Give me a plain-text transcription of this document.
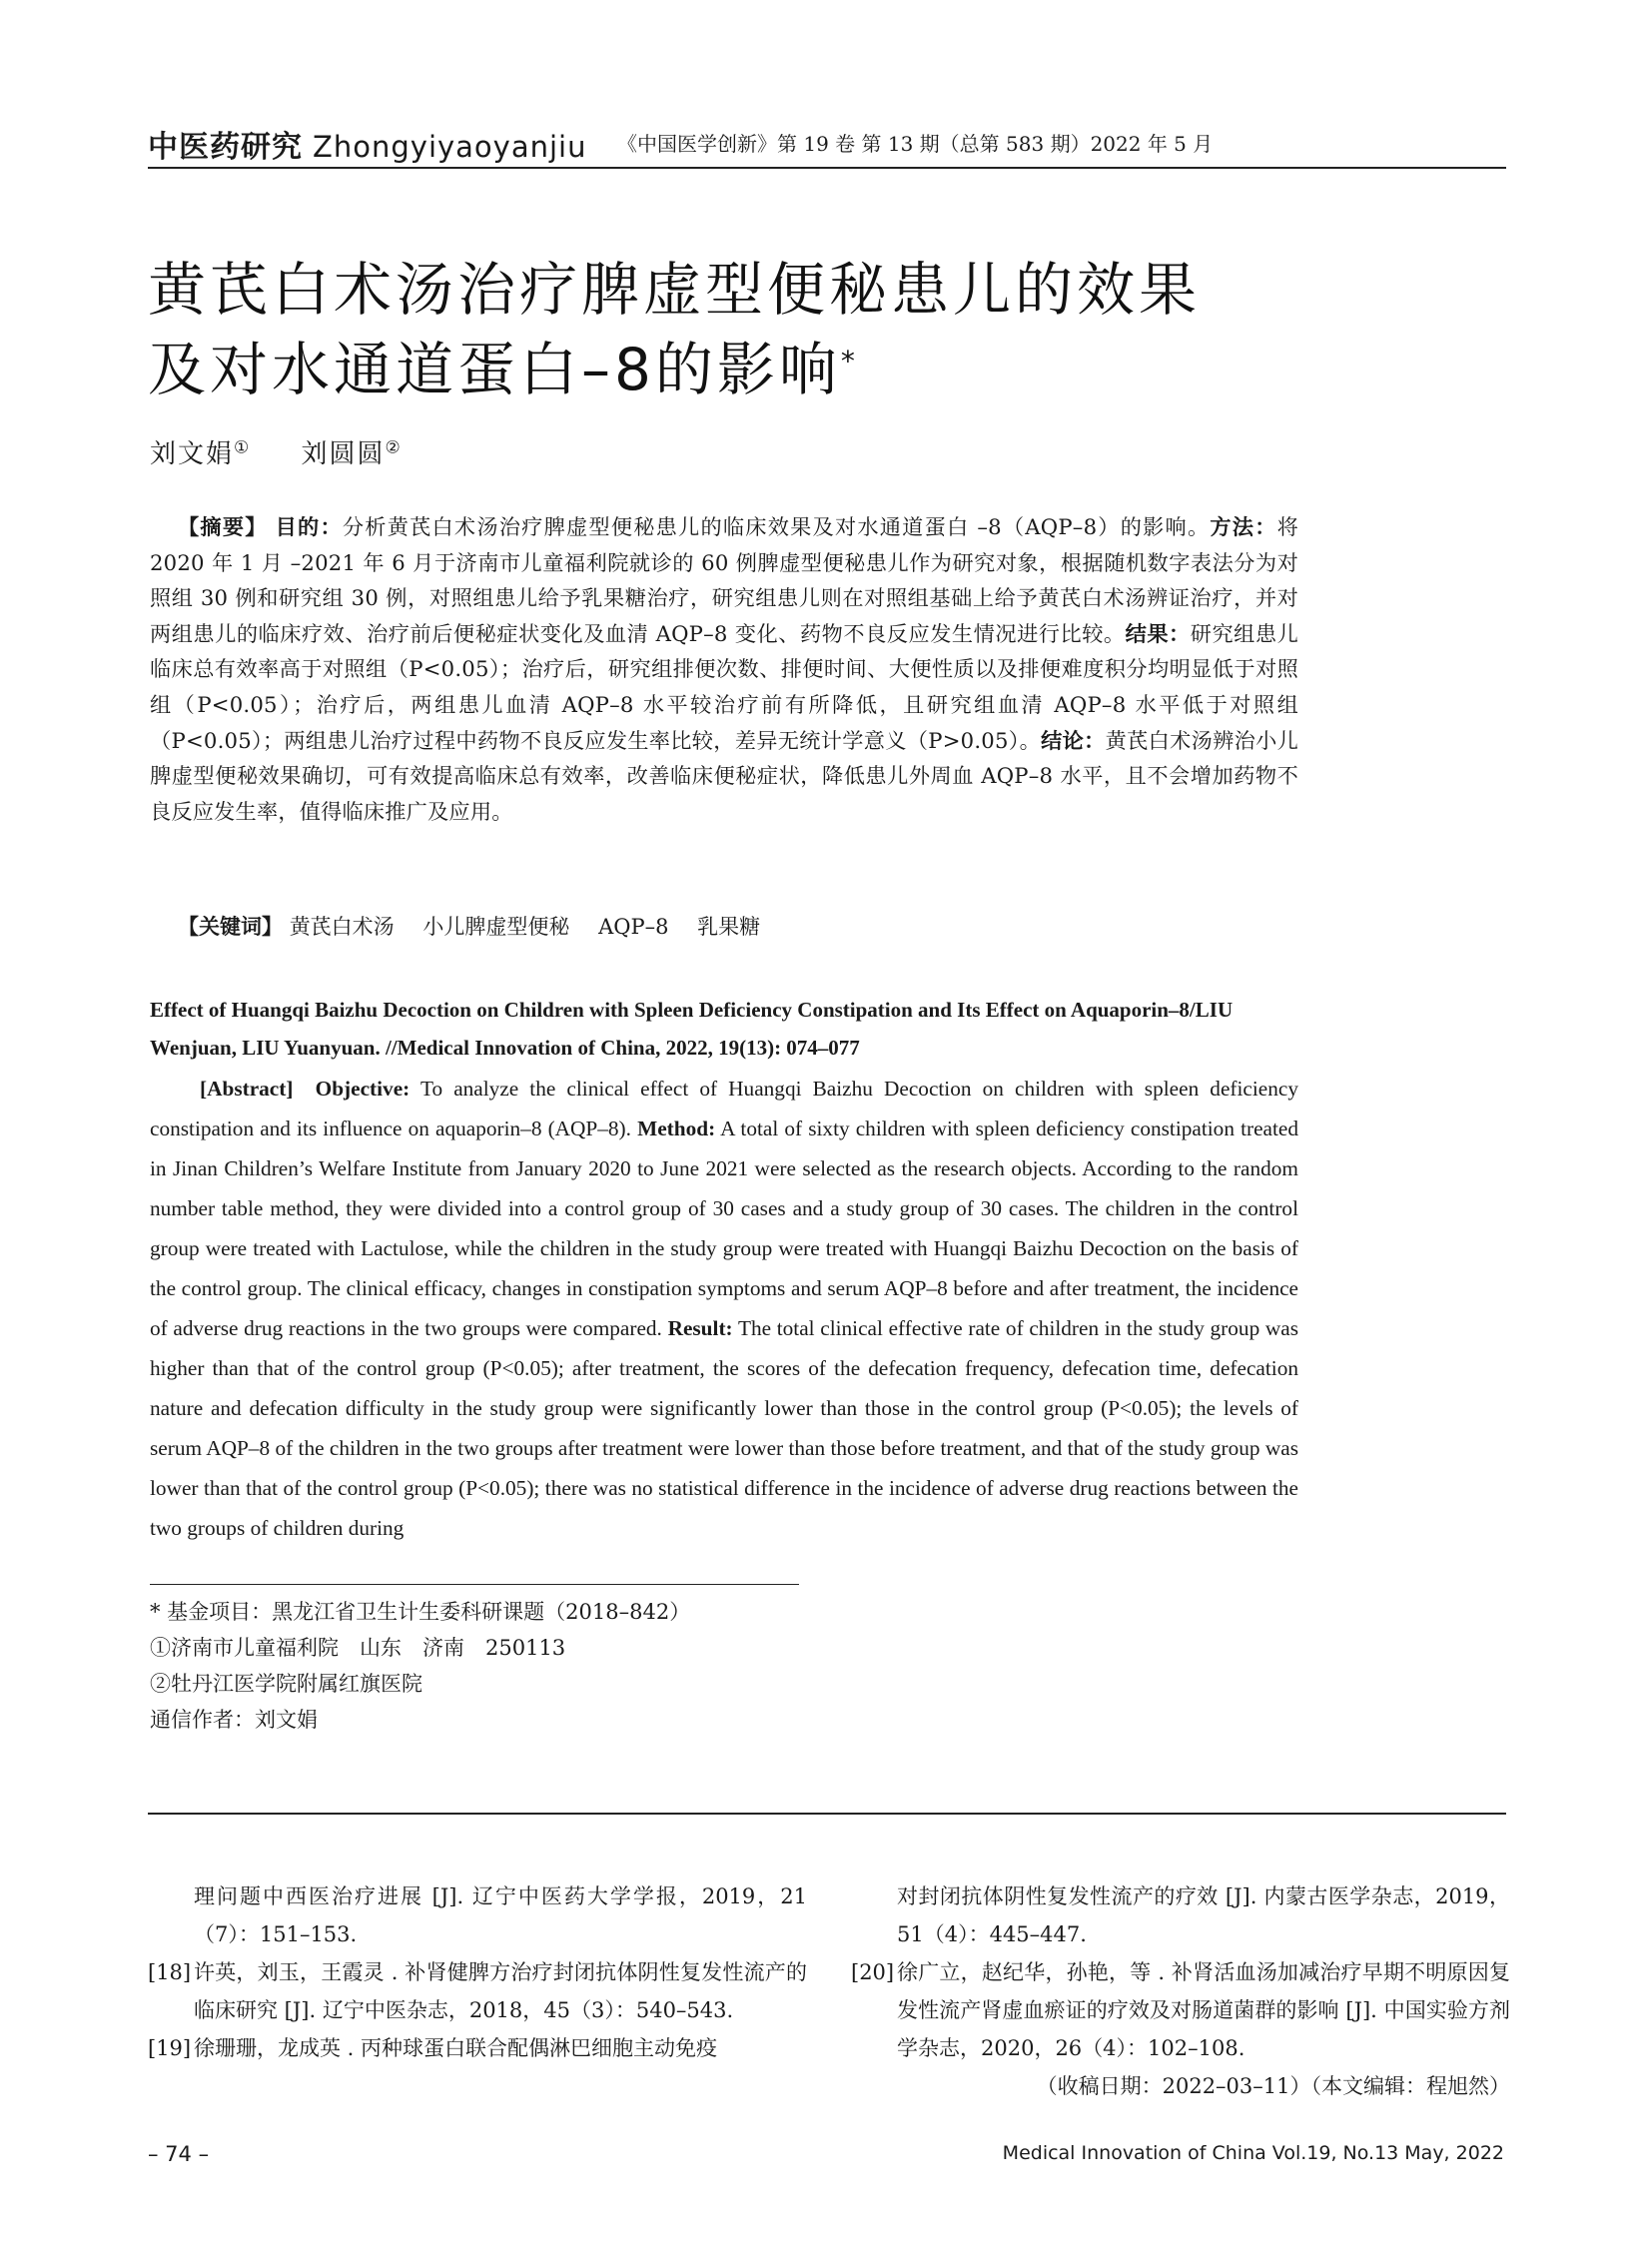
中医药研究 Zhongyiyaoyanjiu 《中国医学创新》第 19 卷 第 13 期（总第 583 期）2022 年 5 月
黄芪白术汤治疗脾虚型便秘患儿的效果
及对水通道蛋白–8的影响*
刘文娟① 刘圆圆②

【摘要】 目的：分析黄芪白术汤治疗脾虚型便秘患儿的临床效果及对水通道蛋白 –8（AQP–8）的影响。方法：将 2020 年 1 月 –2021 年 6 月于济南市儿童福利院就诊的 60 例脾虚型便秘患儿作为研究对象，根据随机数字表法分为对照组 30 例和研究组 30 例，对照组患儿给予乳果糖治疗，研究组患儿则在对照组基础上给予黄芪白术汤辨证治疗，并对两组患儿的临床疗效、治疗前后便秘症状变化及血清 AQP–8 变化、药物不良反应发生情况进行比较。结果：研究组患儿临床总有效率高于对照组（P<0.05）；治疗后，研究组排便次数、排便时间、大便性质以及排便难度积分均明显低于对照组（P<0.05）；治疗后，两组患儿血清 AQP–8 水平较治疗前有所降低，且研究组血清 AQP–8 水平低于对照组（P<0.05）；两组患儿治疗过程中药物不良反应发生率比较，差异无统计学意义（P>0.05）。结论：黄芪白术汤辨治小儿脾虚型便秘效果确切，可有效提高临床总有效率，改善临床便秘症状，降低患儿外周血 AQP–8 水平，且不会增加药物不良反应发生率，值得临床推广及应用。

【关键词】 黄芪白术汤 小儿脾虚型便秘 AQP–8 乳果糖
Effect of Huangqi Baizhu Decoction on Children with Spleen Deficiency Constipation and Its Effect on Aquaporin–8/LIU Wenjuan, LIU Yuanyuan. //Medical Innovation of China, 2022, 19(13): 074–077

[Abstract] Objective: To analyze the clinical effect of Huangqi Baizhu Decoction on children with spleen deficiency constipation and its influence on aquaporin–8 (AQP–8). Method: A total of sixty children with spleen deficiency constipation treated in Jinan Children’s Welfare Institute from January 2020 to June 2021 were selected as the research objects. According to the random number table method, they were divided into a control group of 30 cases and a study group of 30 cases. The children in the control group were treated with Lactulose, while the children in the study group were treated with Huangqi Baizhu Decoction on the basis of the control group. The clinical efficacy, changes in constipation symptoms and serum AQP–8 before and after treatment, the incidence of adverse drug reactions in the two groups were compared. Result: The total clinical effective rate of children in the study group was higher than that of the control group (P<0.05); after treatment, the scores of the defecation frequency, defecation time, defecation nature and defecation difficulty in the study group were significantly lower than those in the control group (P<0.05); the levels of serum AQP–8 of the children in the two groups after treatment were lower than those before treatment, and that of the study group was lower than that of the control group (P<0.05); there was no statistical difference in the incidence of adverse drug reactions between the two groups of children during

* 基金项目：黑龙江省卫生计生委科研课题（2018–842）
①济南市儿童福利院　山东　济南　250113
②牡丹江医学院附属红旗医院
通信作者：刘文娟
理问题中西医治疗进展 [J]. 辽宁中医药大学学报，2019，21（7）：151–153.
[18] 许英，刘玉，王霞灵 . 补肾健脾方治疗封闭抗体阴性复发性流产的临床研究 [J]. 辽宁中医杂志，2018，45（3）：540–543.
[19] 徐珊珊，龙成英 . 丙种球蛋白联合配偶淋巴细胞主动免疫
对封闭抗体阴性复发性流产的疗效 [J]. 内蒙古医学杂志，2019，51（4）：445–447.
[20] 徐广立，赵纪华，孙艳，等 . 补肾活血汤加减治疗早期不明原因复发性流产肾虚血瘀证的疗效及对肠道菌群的影响 [J]. 中国实验方剂学杂志，2020，26（4）：102–108.
（收稿日期：2022–03–11）（本文编辑：程旭然）
– 74 –	Medical Innovation of China Vol.19, No.13 May, 2022
